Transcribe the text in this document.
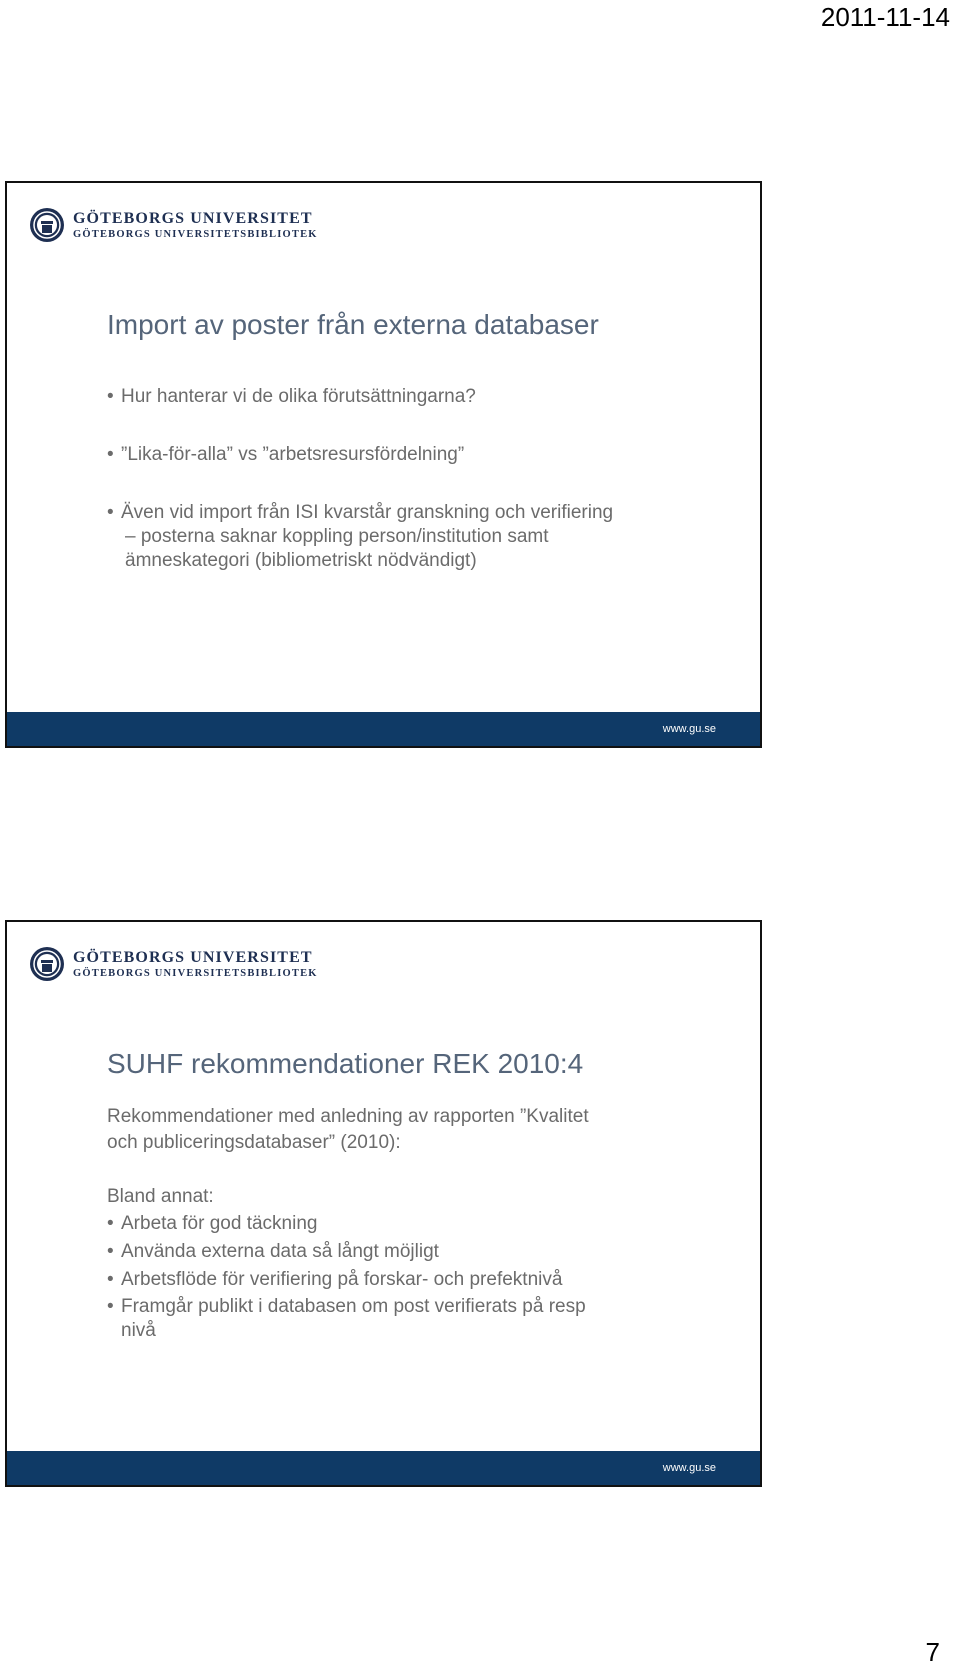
2011-11-14
GÖTEBORGS UNIVERSITET
GÖTEBORGS UNIVERSITETSBIBLIOTEK
Import av poster från externa databaser
• Hur hanterar vi de olika förutsättningarna?
• ”Lika-för-alla” vs ”arbetsresursfördelning”
• Även vid import från ISI kvarstår granskning och verifiering
– posterna saknar koppling person/institution samt
ämneskategori (bibliometriskt nödvändigt)
www.gu.se
GÖTEBORGS UNIVERSITET
GÖTEBORGS UNIVERSITETSBIBLIOTEK
SUHF rekommendationer REK 2010:4
Rekommendationer med anledning av rapporten ”Kvalitet
och publiceringsdatabaser” (2010):
Bland annat:
• Arbeta för god täckning
• Använda externa data så långt möjligt
• Arbetsflöde för verifiering på forskar- och prefektnivå
• Framgår publikt i databasen om post verifierats på resp
nivå
www.gu.se
7
